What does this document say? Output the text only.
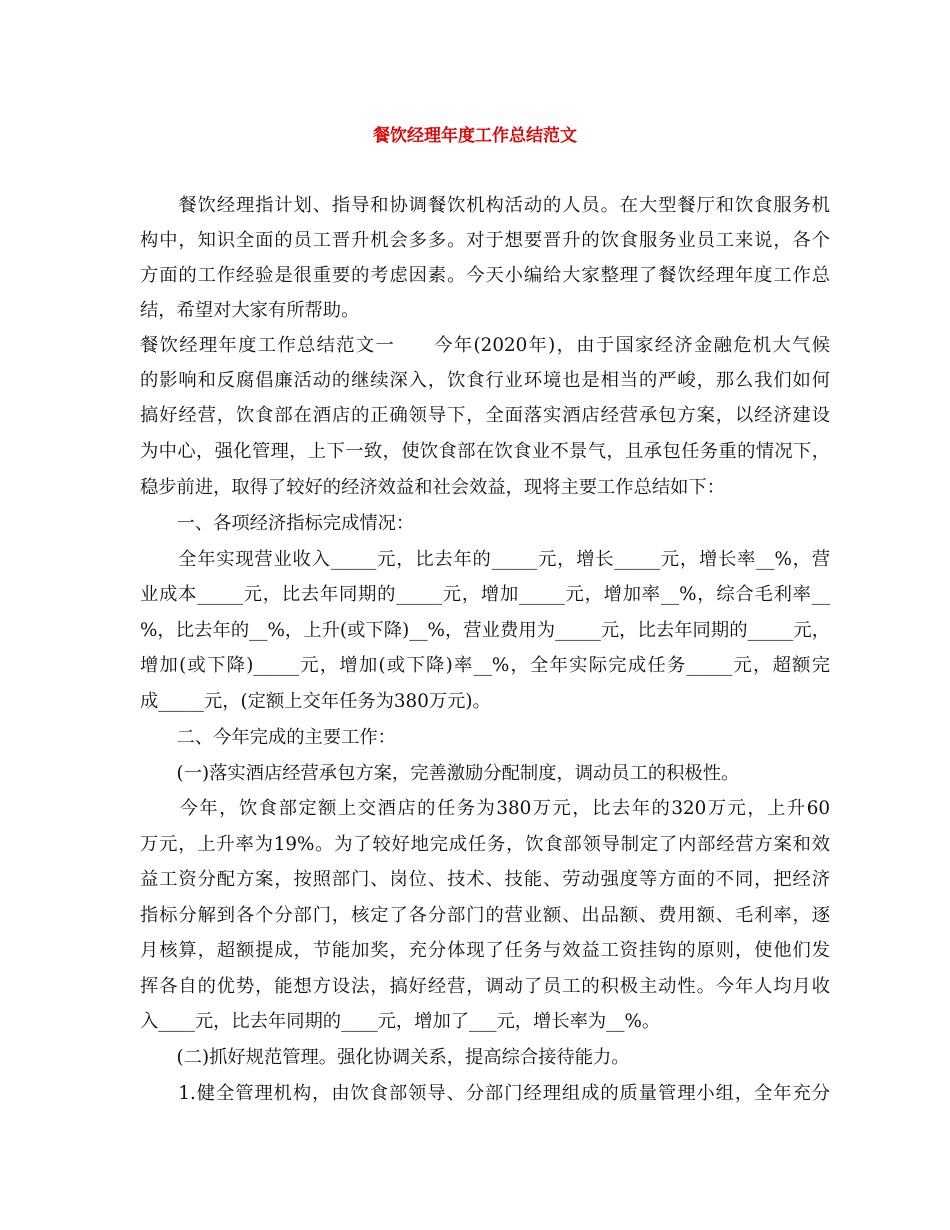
餐饮经理年度工作总结范文
　　餐饮经理指计划、指导和协调餐饮机构活动的人员。在大型餐厅和饮食服务机
构中，知识全面的员工晋升机会多多。对于想要晋升的饮食服务业员工来说，各个
方面的工作经验是很重要的考虑因素。今天小编给大家整理了餐饮经理年度工作总
结，希望对大家有所帮助。
餐饮经理年度工作总结范文一　　今年(2020年)，由于国家经济金融危机大气候
的影响和反腐倡廉活动的继续深入，饮食行业环境也是相当的严峻，那么我们如何
搞好经营，饮食部在酒店的正确领导下，全面落实酒店经营承包方案，以经济建设
为中心，强化管理，上下一致，使饮食部在饮食业不景气，且承包任务重的情况下，
稳步前进，取得了较好的经济效益和社会效益，现将主要工作总结如下：
　　一、各项经济指标完成情况：
　　全年实现营业收入_____元，比去年的_____元，增长_____元，增长率__%，营
业成本_____元，比去年同期的_____元，增加_____元，增加率__%，综合毛利率__
%，比去年的__%，上升(或下降)__%，营业费用为_____元，比去年同期的_____元，
增加(或下降)_____元，增加(或下降)率__%，全年实际完成任务_____元，超额完
成_____元，(定额上交年任务为380万元)。
　　二、今年完成的主要工作：
　　(一)落实酒店经营承包方案，完善激励分配制度，调动员工的积极性。
　　今年，饮食部定额上交酒店的任务为380万元，比去年的320万元，上升60
万元，上升率为19%。为了较好地完成任务，饮食部领导制定了内部经营方案和效
益工资分配方案，按照部门、岗位、技术、技能、劳动强度等方面的不同，把经济
指标分解到各个分部门，核定了各分部门的营业额、出品额、费用额、毛利率，逐
月核算，超额提成，节能加奖，充分体现了任务与效益工资挂钩的原则，使他们发
挥各自的优势，能想方设法，搞好经营，调动了员工的积极主动性。今年人均月收
入____元，比去年同期的____元，增加了___元，增长率为__%。
　　(二)抓好规范管理。强化协调关系，提高综合接待能力。
　　1.健全管理机构，由饮食部领导、分部门经理组成的质量管理小组，全年充分
